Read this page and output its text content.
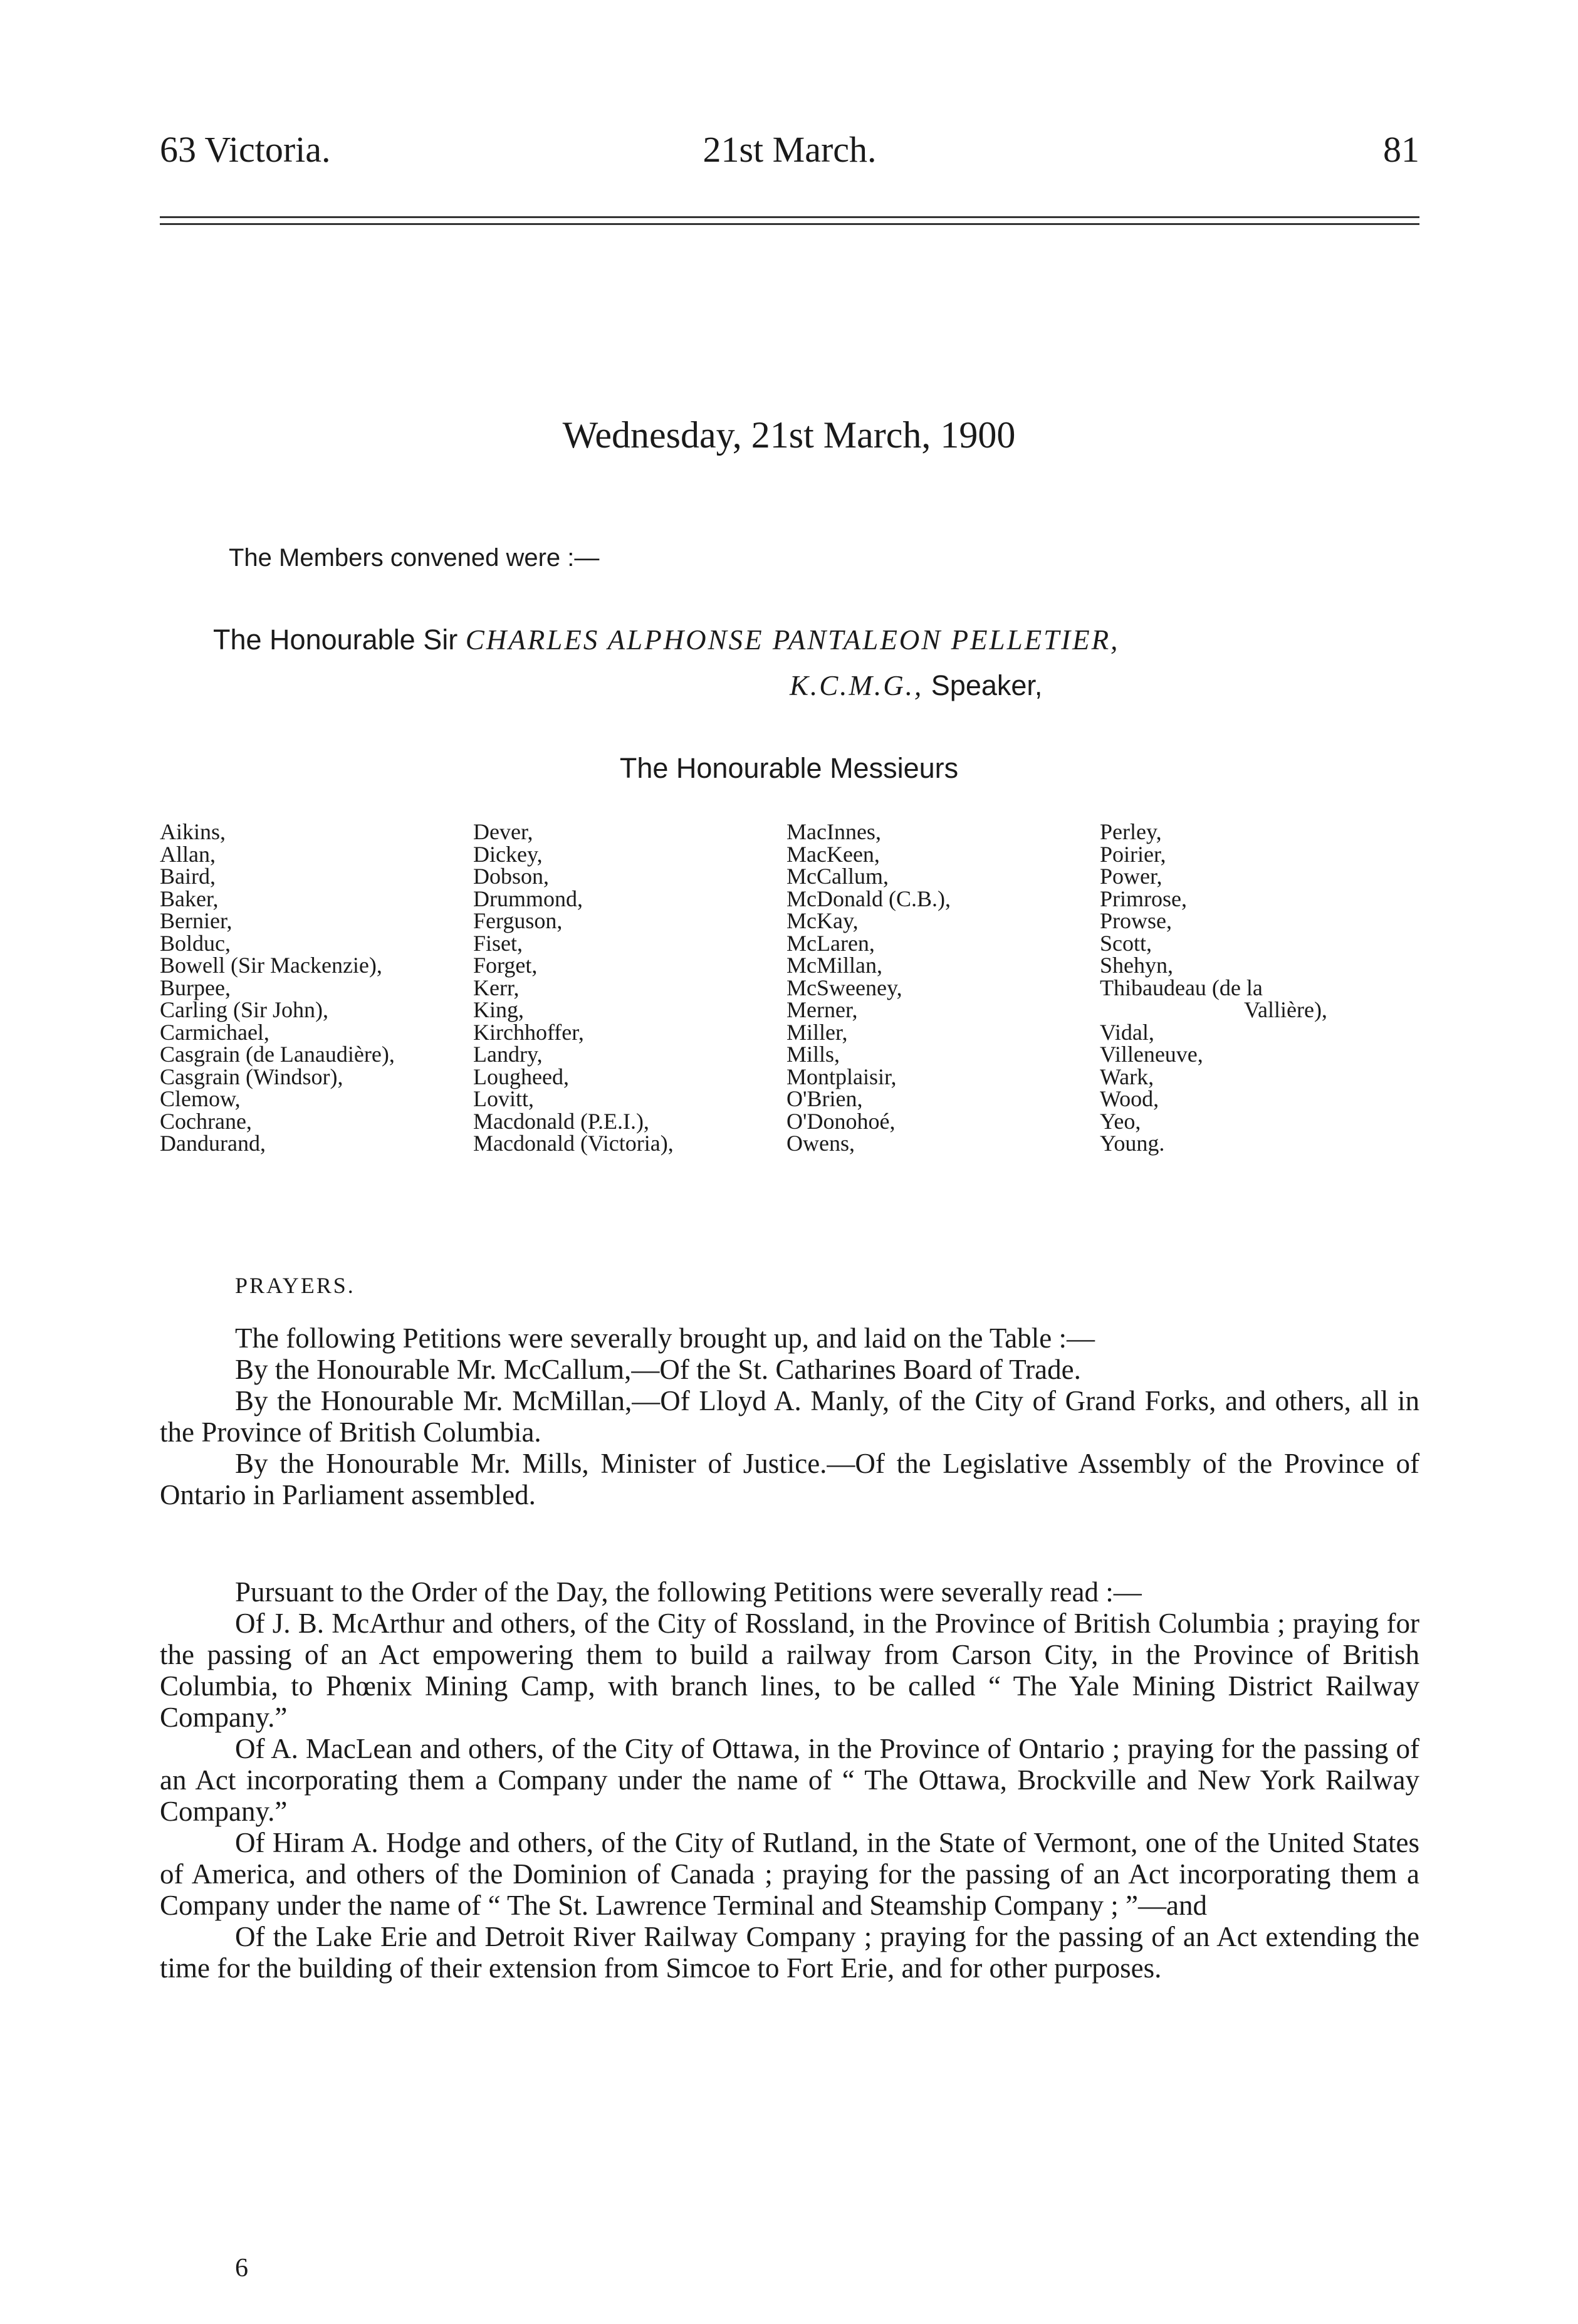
63 Victoria.	21st March.	81
Wednesday, 21st March, 1900
The Members convened were :—
The Honourable Sir CHARLES ALPHONSE PANTALEON PELLETIER,
K.C.M.G., Speaker,
The Honourable Messieurs
Aikins,
Allan,
Baird,
Baker,
Bernier,
Bolduc,
Bowell (Sir Mackenzie),
Burpee,
Carling (Sir John),
Carmichael,
Casgrain (de Lanaudière),
Casgrain (Windsor),
Clemow,
Cochrane,
Dandurand,
Dever,
Dickey,
Dobson,
Drummond,
Ferguson,
Fiset,
Forget,
Kerr,
King,
Kirchhoffer,
Landry,
Lougheed,
Lovitt,
Macdonald (P.E.I.),
Macdonald (Victoria),
MacInnes,
MacKeen,
McCallum,
McDonald (C.B.),
McKay,
McLaren,
McMillan,
McSweeney,
Merner,
Miller,
Mills,
Montplaisir,
O'Brien,
O'Donohoé,
Owens,
Perley,
Poirier,
Power,
Primrose,
Prowse,
Scott,
Shehyn,
Thibaudeau (de la
Vallière),
Vidal,
Villeneuve,
Wark,
Wood,
Yeo,
Young.
PRAYERS.

The following Petitions were severally brought up, and laid on the Table :—

By the Honourable Mr. McCallum,—Of the St. Catharines Board of Trade.

By the Honourable Mr. McMillan,—Of Lloyd A. Manly, of the City of Grand Forks, and others, all in the Province of British Columbia.

By the Honourable Mr. Mills, Minister of Justice.—Of the Legislative Assembly of the Province of Ontario in Parliament assembled.

Pursuant to the Order of the Day, the following Petitions were severally read :—

Of J. B. McArthur and others, of the City of Rossland, in the Province of British Columbia ; praying for the passing of an Act empowering them to build a railway from Carson City, in the Province of British Columbia, to Phœnix Mining Camp, with branch lines, to be called “ The Yale Mining District Railway Company.”

Of A. MacLean and others, of the City of Ottawa, in the Province of Ontario ; praying for the passing of an Act incorporating them a Company under the name of “ The Ottawa, Brockville and New York Railway Company.”

Of Hiram A. Hodge and others, of the City of Rutland, in the State of Vermont, one of the United States of America, and others of the Dominion of Canada ; praying for the passing of an Act incorporating them a Company under the name of “ The St. Lawrence Terminal and Steamship Company ; ”—and

Of the Lake Erie and Detroit River Railway Company ; praying for the passing of an Act extending the time for the building of their extension from Simcoe to Fort Erie, and for other purposes.

6
